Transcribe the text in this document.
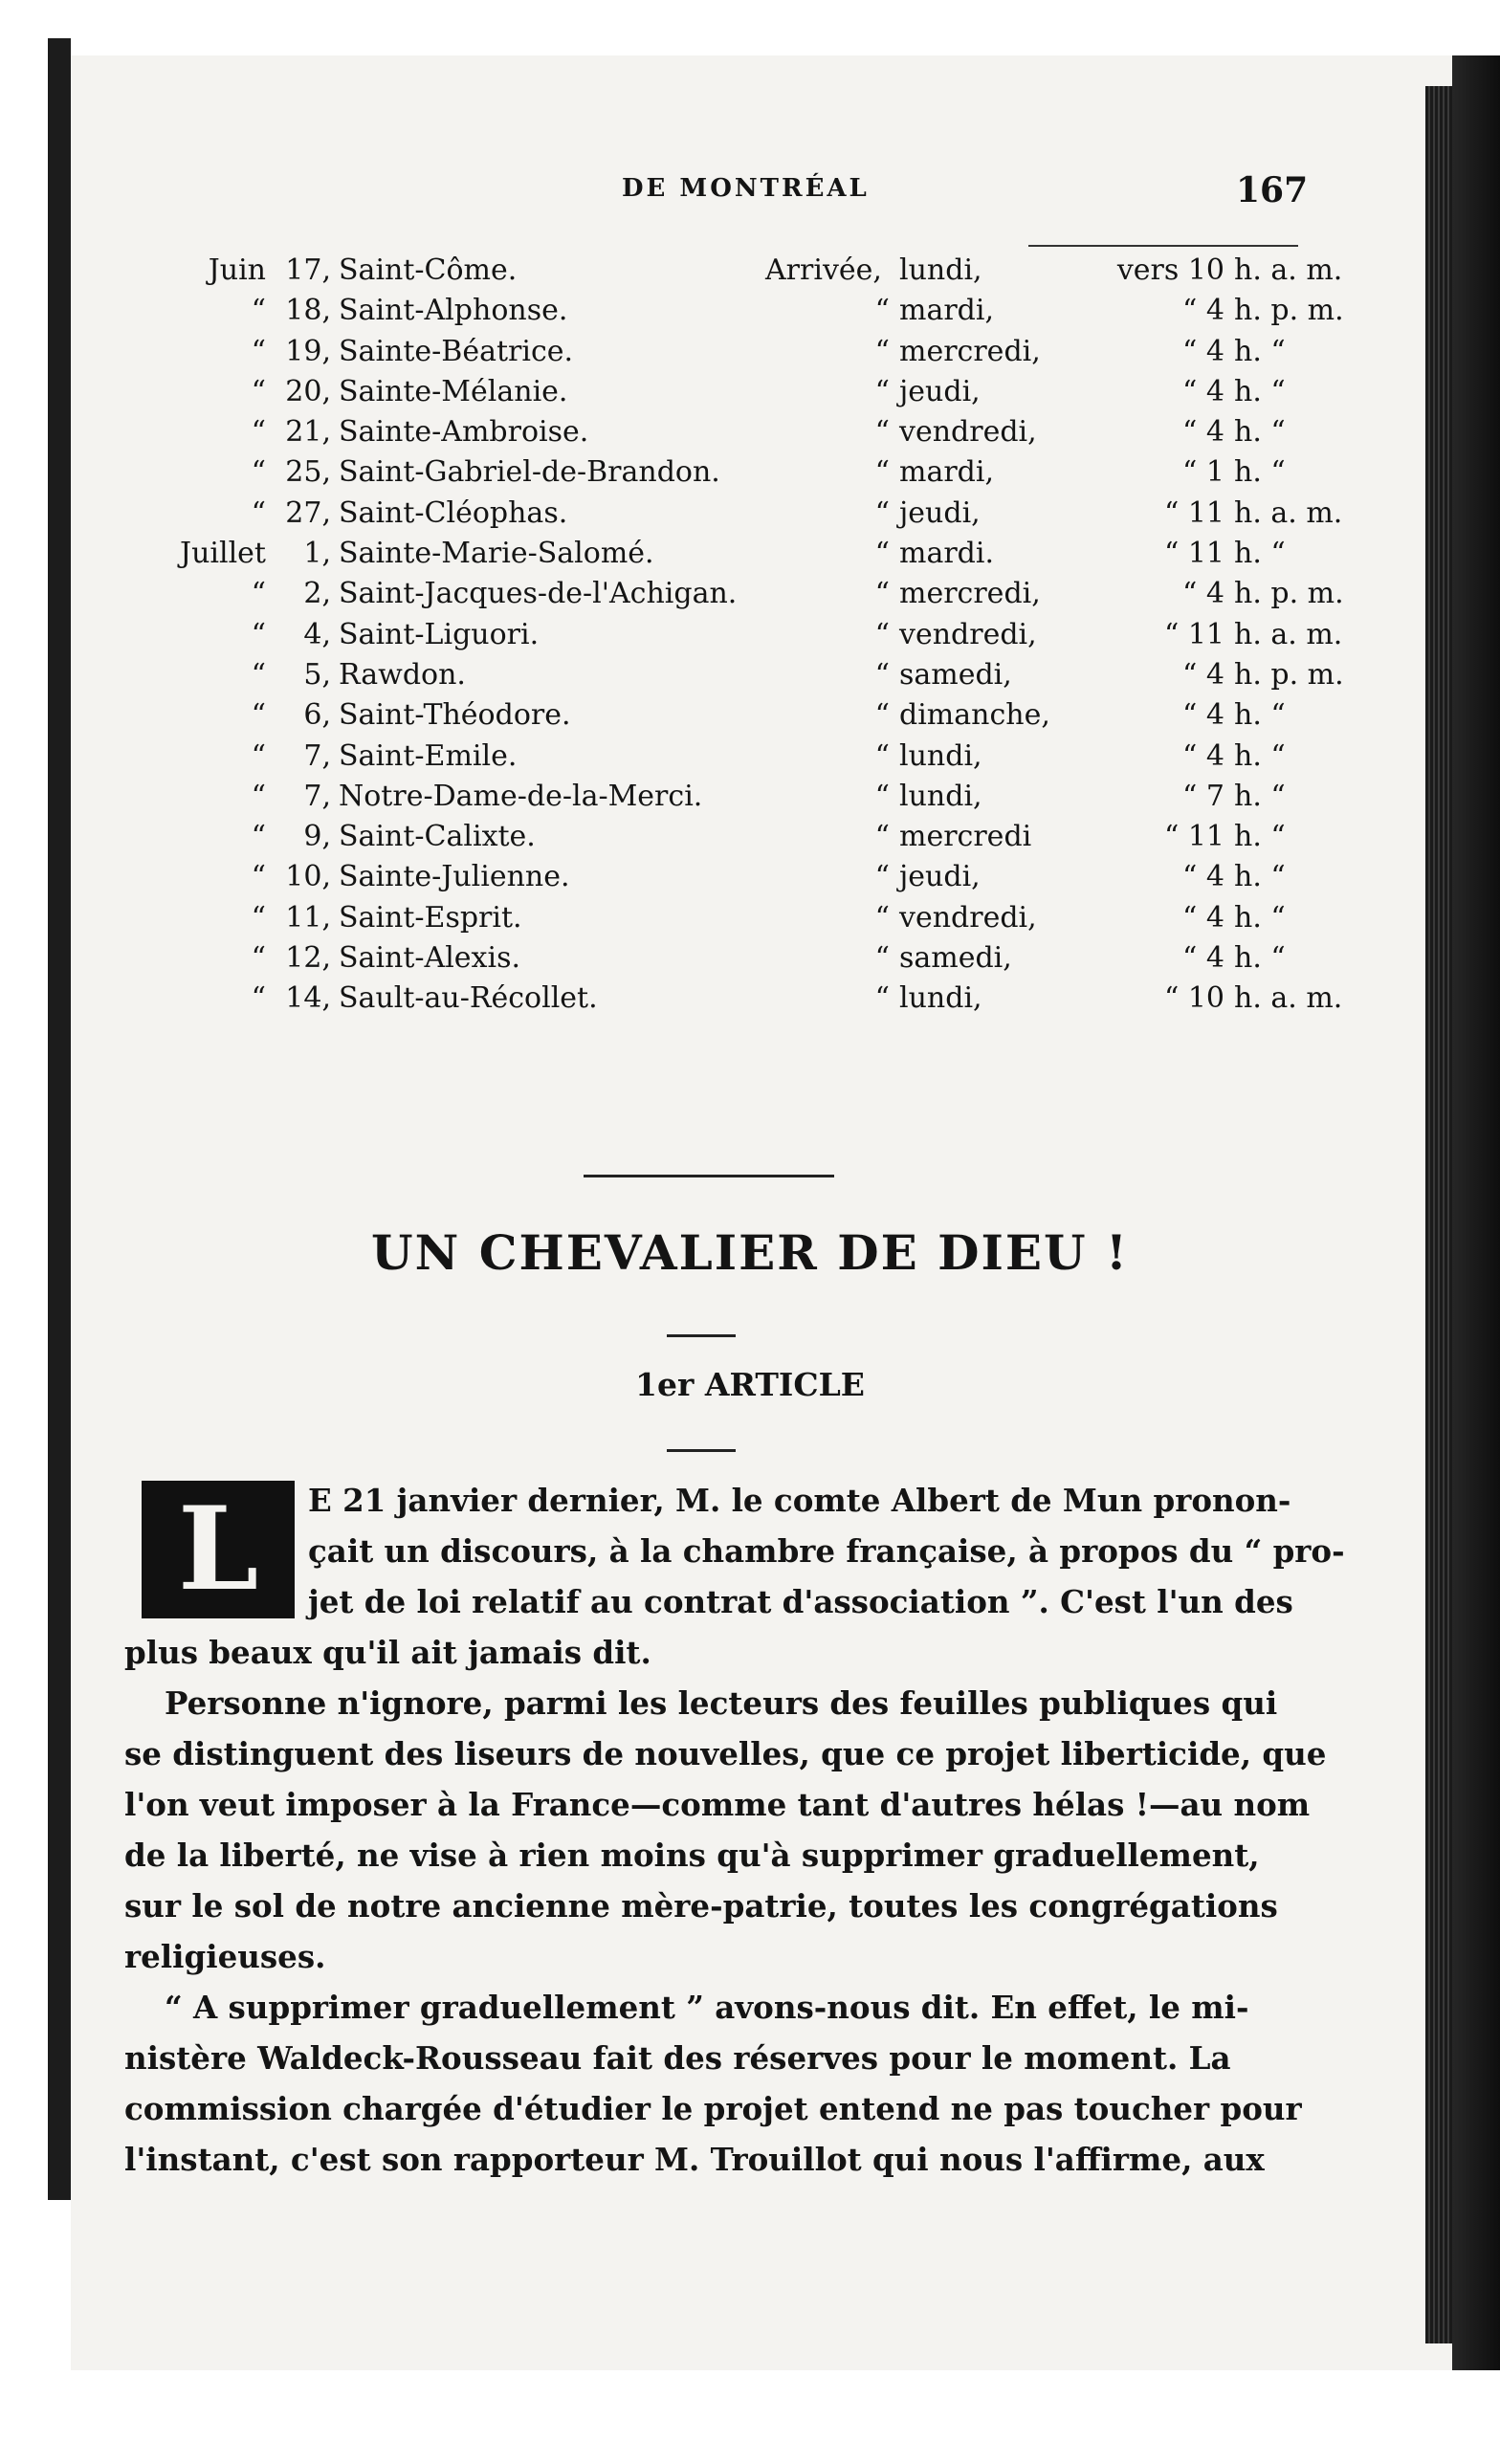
DE MONTRÉAL	167
Juin 17, Saint-Côme.	Arrivée, lundi,	vers 10 h. a. m.
“ 18, Saint-Alphonse.	“ mardi,	“ 4 h. p. m.
“ 19, Sainte-Béatrice.	“ mercredi,	“ 4 h. “
“ 20, Sainte-Mélanie.	“ jeudi,	“ 4 h. “
“ 21, Sainte-Ambroise.	“ vendredi,	“ 4 h. “
“ 25, Saint-Gabriel-de-Brandon.	“ mardi,	“ 1 h. “
“ 27, Saint-Cléophas.	“ jeudi,	“ 11 h. a. m.
Juillet	1, Sainte-Marie-Salomé.	“ mardi.	“ 11 h. “
“	2, Saint-Jacques-de-l'Achigan.	“ mercredi,	“ 4 h. p. m.
“	4, Saint-Liguori.	“ vendredi,	“ 11 h. a. m.
“	5, Rawdon.	“ samedi,	“ 4 h. p. m.
“	6, Saint-Théodore.	“ dimanche,	“ 4 h. “
“	7, Saint-Emile.	“ lundi,	“ 4 h. “
“	7, Notre-Dame-de-la-Merci.	“ lundi,	“ 7 h. “
“	9, Saint-Calixte.	“ mercredi	“ 11 h. “
“ 10, Sainte-Julienne.	“ jeudi,	“ 4 h. “
“ 11, Saint-Esprit.	“ vendredi,	“ 4 h. “
“ 12, Saint-Alexis.	“ samedi,	“ 4 h. “
“ 14, Sault-au-Récollet.	“ lundi,	“ 10 h. a. m.
UN CHEVALIER DE DIEU !
1er ARTICLE
L	E 21 janvier dernier, M. le comte Albert de Mun pronon-
çait un discours, à la chambre française, à propos du “ pro-
jet de loi relatif au contrat d'association ”. C'est l'un des
plus beaux qu'il ait jamais dit.
Personne n'ignore, parmi les lecteurs des feuilles publiques qui
se distinguent des liseurs de nouvelles, que ce projet liberticide, que
l'on veut imposer à la France—comme tant d'autres hélas !—au nom
de la liberté, ne vise à rien moins qu'à supprimer graduellement,
sur le sol de notre ancienne mère-patrie, toutes les congrégations
religieuses.
“ A supprimer graduellement ” avons-nous dit. En effet, le mi-
nistère Waldeck-Rousseau fait des réserves pour le moment. La
commission chargée d'étudier le projet entend ne pas toucher pour
l'instant, c'est son rapporteur M. Trouillot qui nous l'affirme, aux
